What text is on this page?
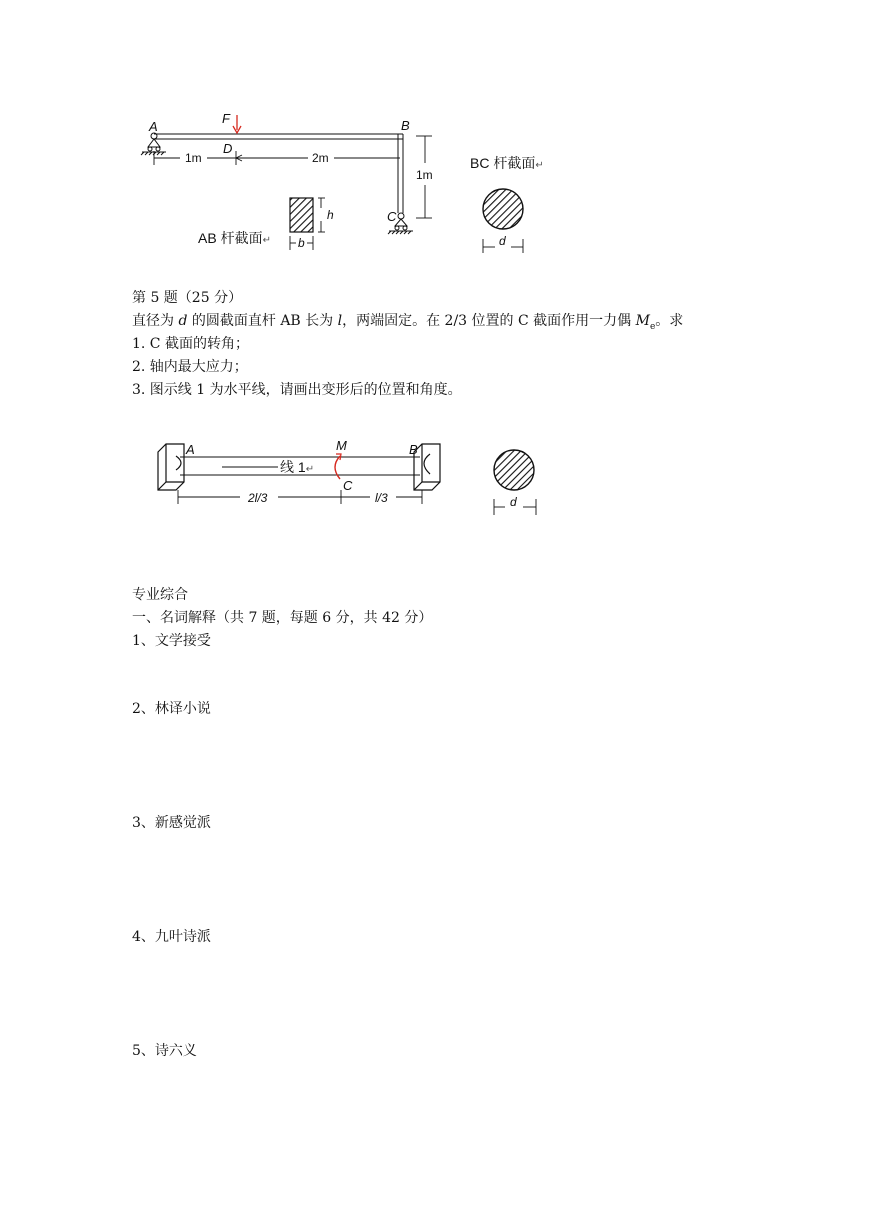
A
F
D
B
C
1m	2m
1m
h
b
AB 杆截面↵
BC 杆截面↵
d
第 5 题（25 分）
直径为 d 的圆截面直杆 AB 长为 l，两端固定。在 2/3 位置的 C 截面作用一力偶 $M_e$。求
1. C 截面的转角；
2. 轴内最大应力；
3. 图示线 1 为水平线，请画出变形后的位置和角度。
线 1↵
A	M
C
B
2l/3	l/3	d
专业综合
一、名词解释（共 7 题，每题 6 分，共 42 分）
1、文学接受
2、林译小说
3、新感觉派
4、九叶诗派
5、诗六义
